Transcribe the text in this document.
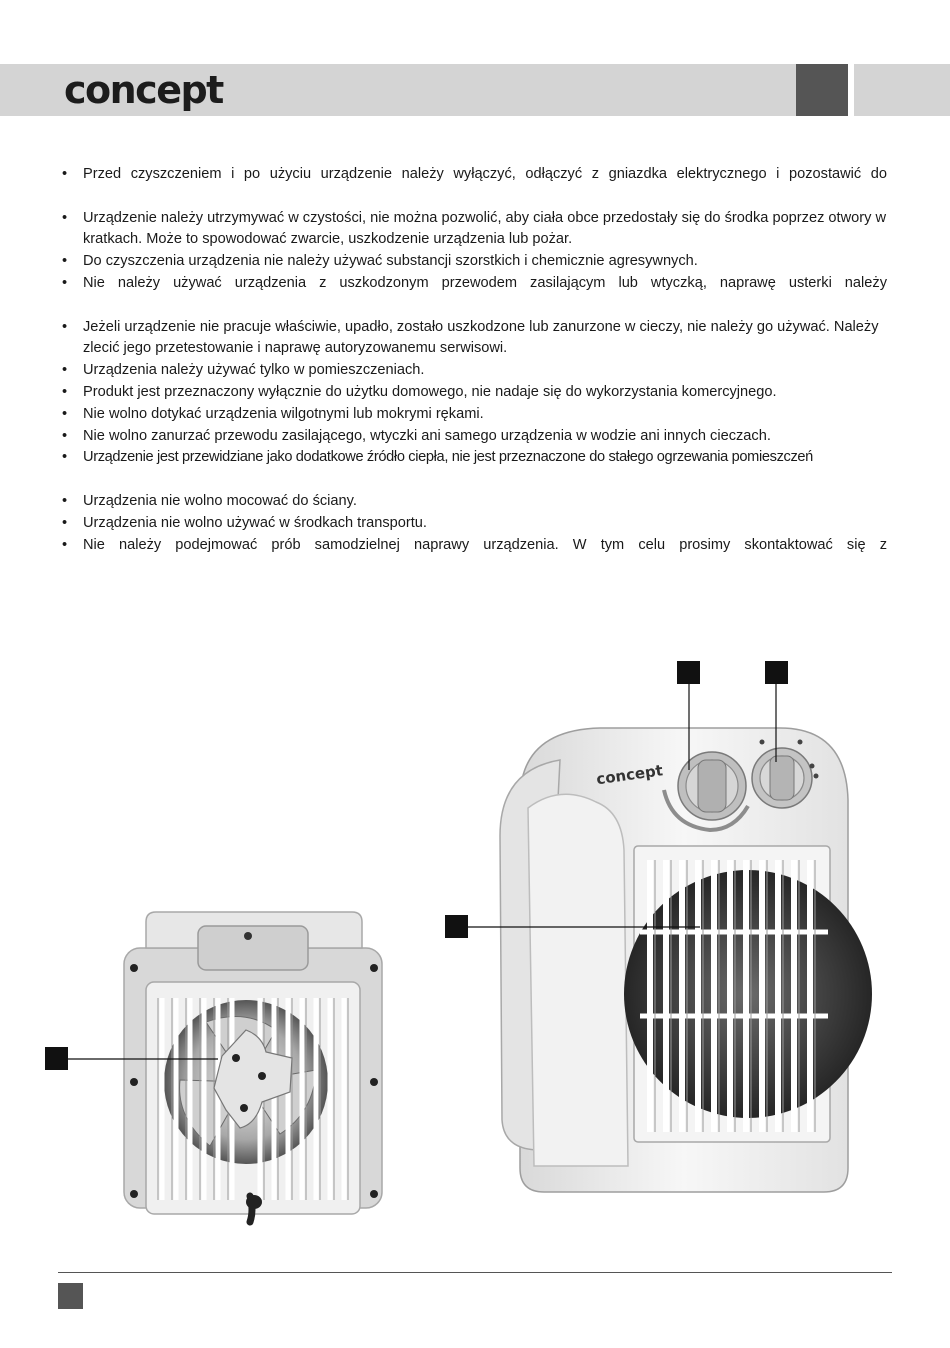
concept
• Przed czyszczeniem i po użyciu urządzenie należy wyłączyć, odłączyć z gniazdka elektrycznego i pozostawić do
• Urządzenie należy utrzymywać w czystości, nie można pozwolić, aby ciała obce przedostały się do środka poprzez otwory w kratkach. Może to spowodować zwarcie, uszkodzenie urządzenia lub pożar.
• Do czyszczenia urządzenia nie należy używać substancji szorstkich i chemicznie agresywnych.
• Nie należy używać urządzenia z uszkodzonym przewodem zasilającym lub wtyczką, naprawę usterki należy
• Jeżeli urządzenie nie pracuje właściwie, upadło, zostało uszkodzone lub zanurzone w cieczy, nie należy go używać. Należy zlecić jego przetestowanie i naprawę autoryzowanemu serwisowi.
• Urządzenia należy używać tylko w pomieszczeniach.
• Produkt jest przeznaczony wyłącznie do użytku domowego, nie nadaje się do wykorzystania komercyjnego.
• Nie wolno dotykać urządzenia wilgotnymi lub mokrymi rękami.
• Nie wolno zanurzać przewodu zasilającego, wtyczki ani samego urządzenia w wodzie ani innych cieczach.
• Urządzenie jest przewidziane jako dodatkowe źródło ciepła, nie jest przeznaczone do stałego ogrzewania pomieszczeń
• Urządzenia nie wolno mocować do ściany.
• Urządzenia nie wolno używać w środkach transportu.
• Nie należy podejmować prób samodzielnej naprawy urządzenia. W tym celu prosimy skontaktować się z
concept
